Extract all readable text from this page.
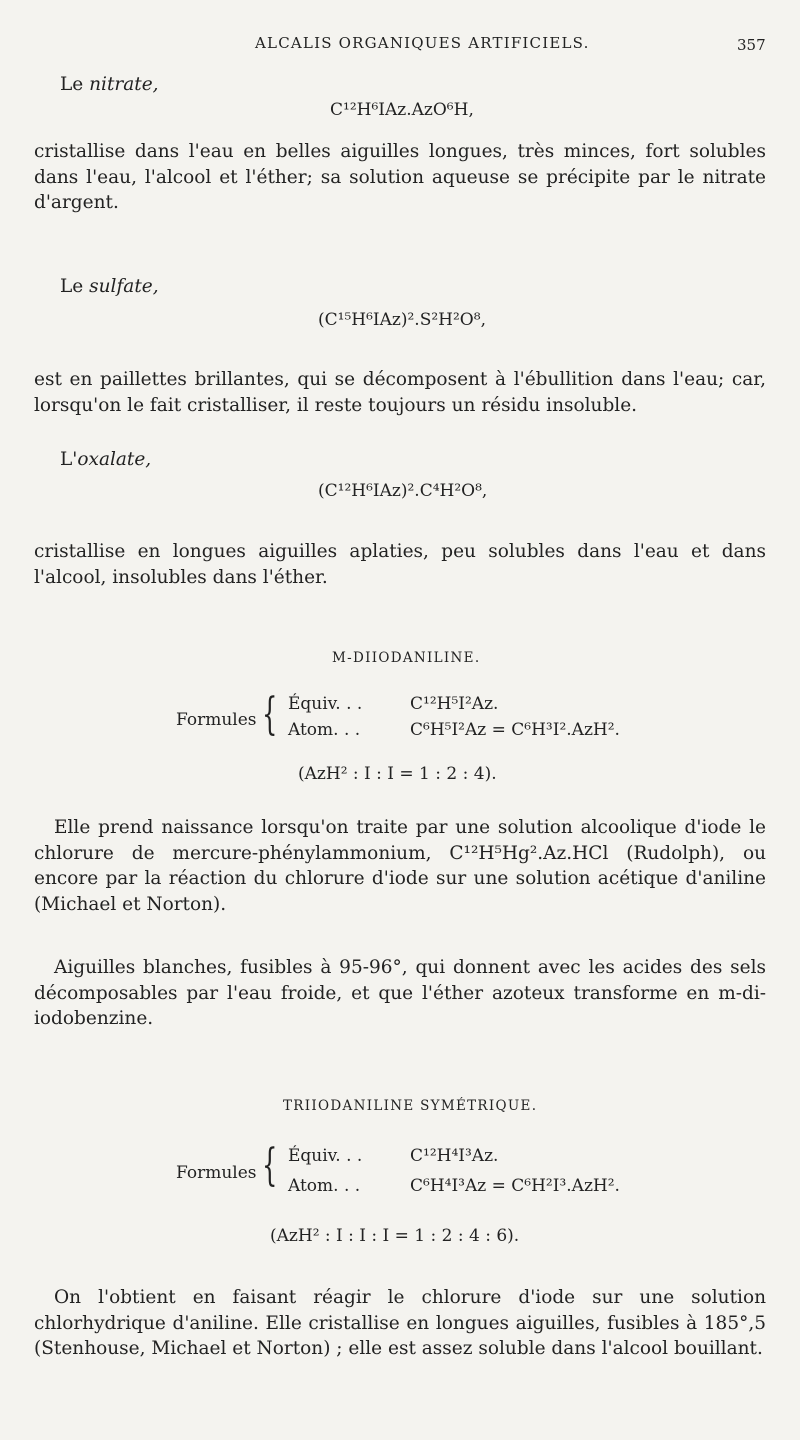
ALCALIS ORGANIQUES ARTIFICIELS.	357
Le nitrate,
C¹²H⁶IAz.AzO⁶H,
cristallise dans l'eau en belles aiguilles longues, très minces, fort solubles dans l'eau, l'alcool et l'éther; sa solution aqueuse se précipite par le nitrate d'argent.
Le sulfate,
(C¹⁵H⁶IAz)².S²H²O⁸,
est en paillettes brillantes, qui se décomposent à l'ébullition dans l'eau; car, lorsqu'on le fait cristalliser, il reste toujours un résidu insoluble.
L'oxalate,
(C¹²H⁶IAz)².C⁴H²O⁸,
cristallise en longues aiguilles aplaties, peu solubles dans l'eau et dans l'alcool, insolubles dans l'éther.
M-DIIODANILINE.
Formules { Équiv. . .	C¹²H⁵I²Az.
Atom. . .	C⁶H⁵I²Az = C⁶H³I².AzH².
(AzH² : I : I = 1 : 2 : 4).
Elle prend naissance lorsqu'on traite par une solution alcoolique d'iode le chlorure de mercure-phénylammonium, C¹²H⁵Hg².Az.HCl (Rudolph), ou encore par la réaction du chlorure d'iode sur une solution acétique d'aniline (Michael et Norton).
Aiguilles blanches, fusibles à 95-96°, qui donnent avec les acides des sels décomposables par l'eau froide, et que l'éther azoteux transforme en m-di-iodobenzine.
TRIIODANILINE SYMÉTRIQUE.
Formules { Équiv. . .	C¹²H⁴I³Az.
Atom. . .	C⁶H⁴I³Az = C⁶H²I³.AzH².
(AzH² : I : I : I = 1 : 2 : 4 : 6).
On l'obtient en faisant réagir le chlorure d'iode sur une solution chlorhydrique d'aniline. Elle cristallise en longues aiguilles, fusibles à 185°,5 (Stenhouse, Michael et Norton) ; elle est assez soluble dans l'alcool bouillant.
